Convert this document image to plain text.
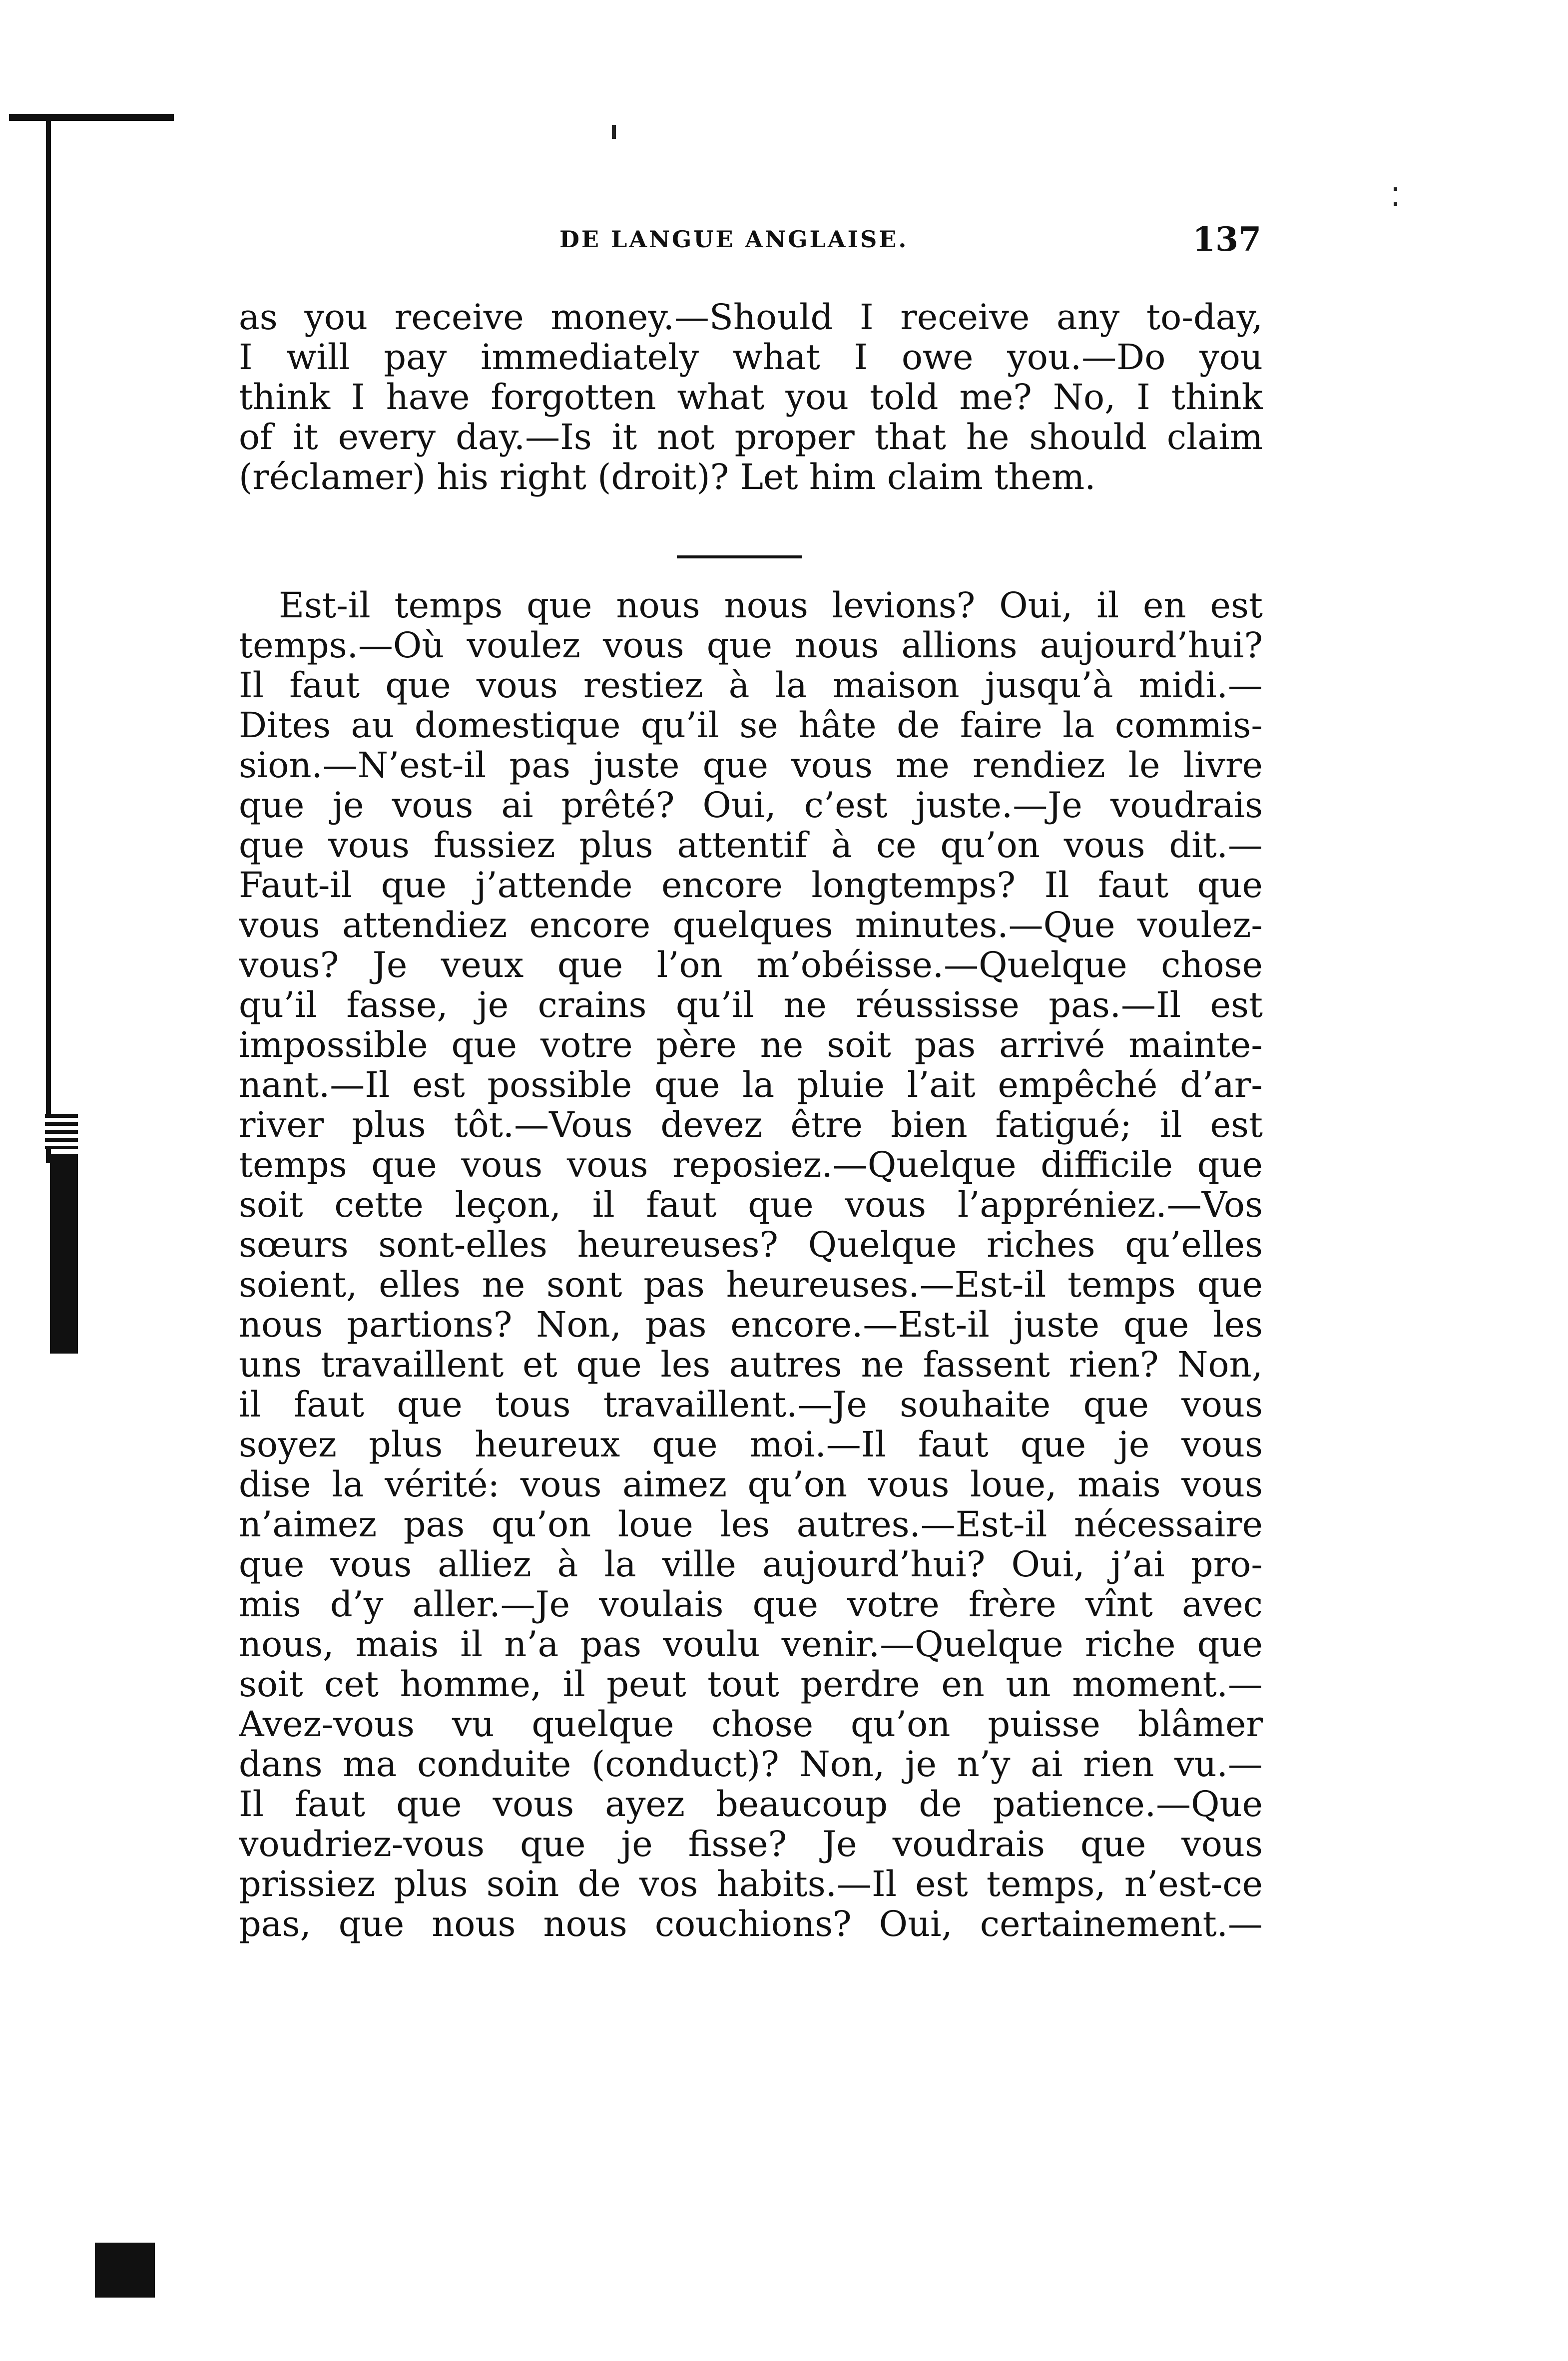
DE LANGUE ANGLAISE.	137
as you receive money.—Should I receive any to-day,
I will pay immediately what I owe you.—Do you
think I have forgotten what you told me? No, I think
of it every day.—Is it not proper that he should claim
(réclamer) his right (droit)? Let him claim them.
Est-il temps que nous nous levions? Oui, il en est
temps.—Où voulez vous que nous allions aujourd’hui?
Il faut que vous restiez à la maison jusqu’à midi.—
Dites au domestique qu’il se hâte de faire la commis-
sion.—N’est-il pas juste que vous me rendiez le livre
que je vous ai prêté? Oui, c’est juste.—Je voudrais
que vous fussiez plus attentif à ce qu’on vous dit.—
Faut-il que j’attende encore longtemps? Il faut que
vous attendiez encore quelques minutes.—Que voulez-
vous? Je veux que l’on m’obéisse.—Quelque chose
qu’il fasse, je crains qu’il ne réussisse pas.—Il est
impossible que votre père ne soit pas arrivé mainte-
nant.—Il est possible que la pluie l’ait empêché d’ar-
river plus tôt.—Vous devez être bien fatigué; il est
temps que vous vous reposiez.—Quelque difficile que
soit cette leçon, il faut que vous l’appréniez.—Vos
sœurs sont-elles heureuses? Quelque riches qu’elles
soient, elles ne sont pas heureuses.—Est-il temps que
nous partions? Non, pas encore.—Est-il juste que les
uns travaillent et que les autres ne fassent rien? Non,
il faut que tous travaillent.—Je souhaite que vous
soyez plus heureux que moi.—Il faut que je vous
dise la vérité: vous aimez qu’on vous loue, mais vous
n’aimez pas qu’on loue les autres.—Est-il nécessaire
que vous alliez à la ville aujourd’hui? Oui, j’ai pro-
mis d’y aller.—Je voulais que votre frère vînt avec
nous, mais il n’a pas voulu venir.—Quelque riche que
soit cet homme, il peut tout perdre en un moment.—
Avez-vous vu quelque chose qu’on puisse blâmer
dans ma conduite (conduct)? Non, je n’y ai rien vu.—
Il faut que vous ayez beaucoup de patience.—Que
voudriez-vous que je fisse? Je voudrais que vous
prissiez plus soin de vos habits.—Il est temps, n’est-ce
pas, que nous nous couchions? Oui, certainement.—
